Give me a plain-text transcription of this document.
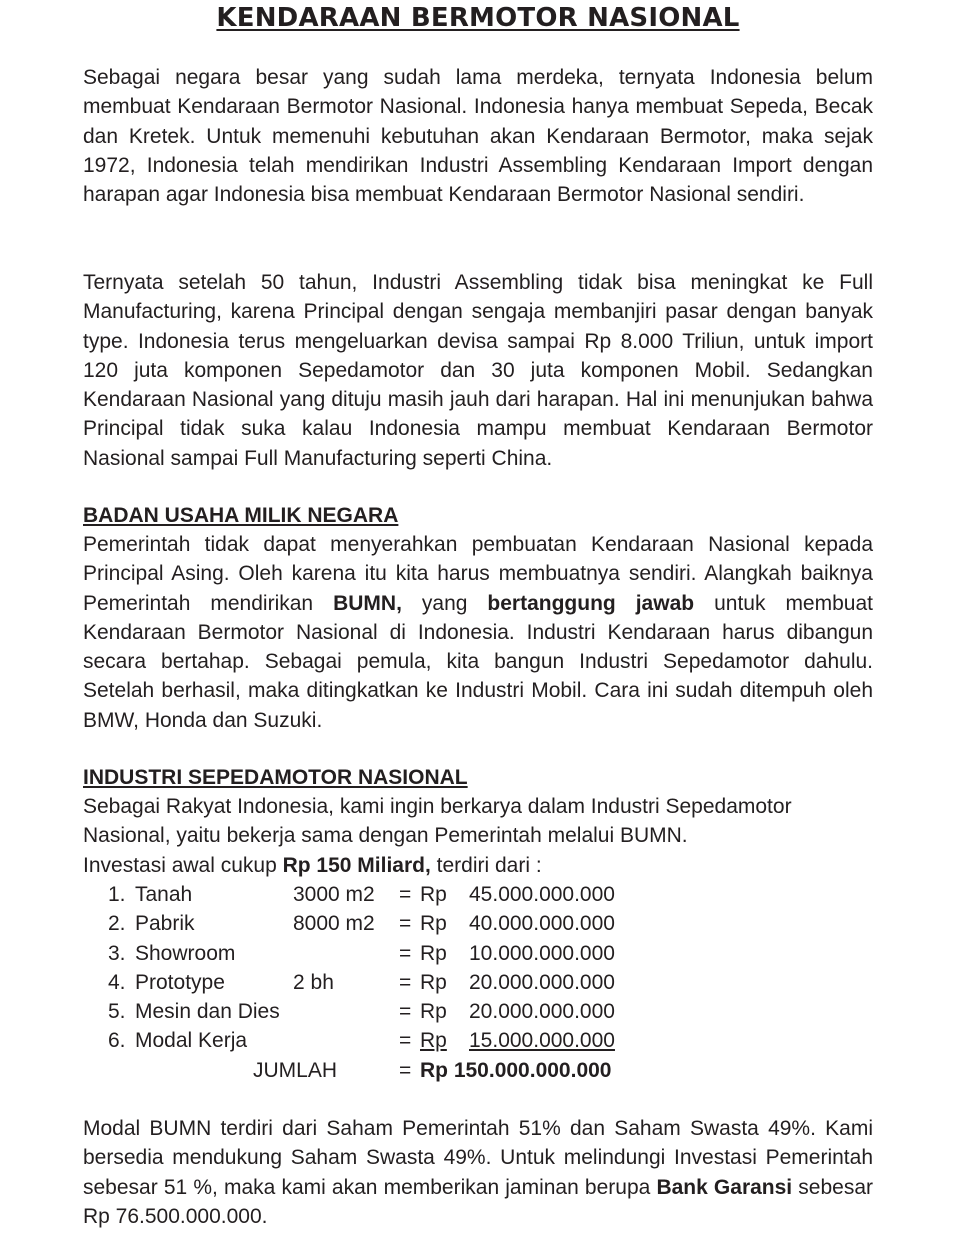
KENDARAAN BERMOTOR NASIONAL

Sebagai negara besar yang sudah lama merdeka, ternyata Indonesia belum membuat Kendaraan Bermotor Nasional. Indonesia hanya membuat Sepeda, Becak dan Kretek. Untuk memenuhi kebutuhan akan Kendaraan Bermotor, maka sejak 1972, Indonesia telah mendirikan Industri Assembling Kendaraan Import dengan harapan agar Indonesia bisa membuat Kendaraan Bermotor Nasional sendiri.

Ternyata setelah 50 tahun, Industri Assembling tidak bisa meningkat ke Full Manufacturing, karena Principal dengan sengaja membanjiri pasar dengan banyak type. Indonesia terus mengeluarkan devisa sampai Rp 8.000 Triliun, untuk import 120 juta komponen Sepedamotor dan 30 juta komponen Mobil. Sedangkan Kendaraan Nasional yang dituju masih jauh dari harapan. Hal ini menunjukan bahwa Principal tidak suka kalau Indonesia mampu membuat Kendaraan Bermotor Nasional sampai Full Manufacturing seperti China.

BADAN USAHA MILIK NEGARA

Pemerintah tidak dapat menyerahkan pembuatan Kendaraan Nasional kepada Principal Asing. Oleh karena itu kita harus membuatnya sendiri. Alangkah baiknya Pemerintah mendirikan BUMN, yang bertanggung jawab untuk membuat Kendaraan Bermotor Nasional di Indonesia. Industri Kendaraan harus dibangun secara bertahap. Sebagai pemula, kita bangun Industri Sepedamotor dahulu. Setelah berhasil, maka ditingkatkan ke Industri Mobil. Cara ini sudah ditempuh oleh BMW, Honda dan Suzuki.

INDUSTRI SEPEDAMOTOR NASIONAL

Sebagai Rakyat Indonesia, kami ingin berkarya dalam Industri Sepedamotor Nasional, yaitu bekerja sama dengan Pemerintah melalui BUMN.

Investasi awal cukup Rp 150 Miliard, terdiri dari :

1. Tanah	3000 m2 = Rp 45.000.000.000
2. Pabrik	8000 m2 = Rp 40.000.000.000
3. Showroom	= Rp 10.000.000.000
4. Prototype	2 bh	= Rp 20.000.000.000
5. Mesin dan Dies	= Rp 20.000.000.000
6. Modal Kerja	= Rp	15.000.000.000
JUMLAH	= Rp 150.000.000.000

Modal BUMN terdiri dari Saham Pemerintah 51% dan Saham Swasta 49%. Kami bersedia mendukung Saham Swasta 49%. Untuk melindungi Investasi Pemerintah sebesar 51 %, maka kami akan memberikan jaminan berupa Bank Garansi sebesar Rp 76.500.000.000.
